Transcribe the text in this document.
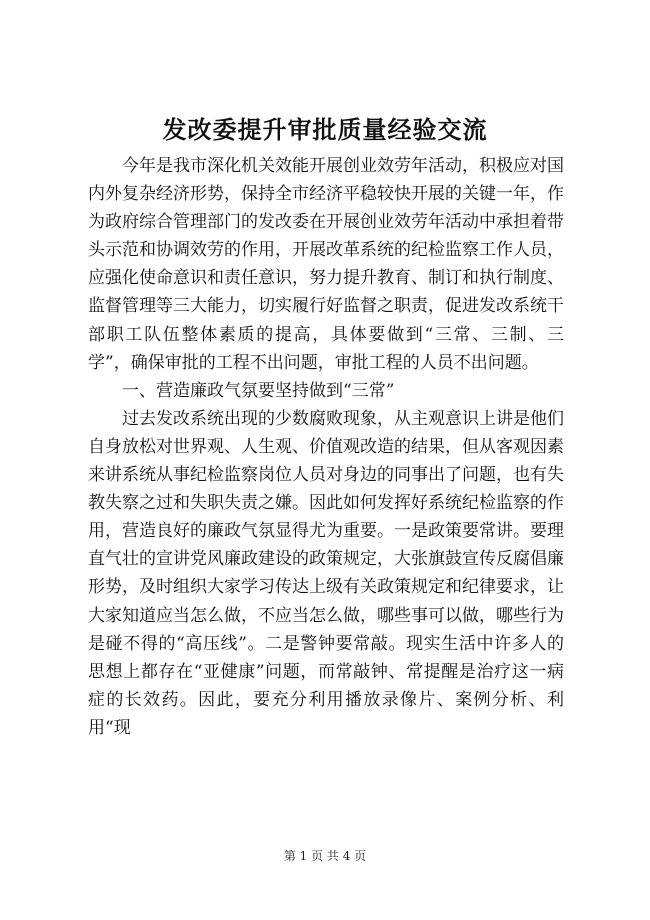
发改委提升审批质量经验交流

今年是我市深化机关效能开展创业效劳年活动，积极应对国内外复杂经济形势，保持全市经济平稳较快开展的关键一年，作为政府综合管理部门的发改委在开展创业效劳年活动中承担着带头示范和协调效劳的作用，开展改革系统的纪检监察工作人员，应强化使命意识和责任意识，努力提升教育、制订和执行制度、监督管理等三大能力，切实履行好监督之职责，促进发改系统干部职工队伍整体素质的提高，具体要做到“三常、三制、三学”，确保审批的工程不出问题，审批工程的人员不出问题。

一、营造廉政气氛要坚持做到“三常”

过去发改系统出现的少数腐败现象，从主观意识上讲是他们自身放松对世界观、人生观、价值观改造的结果，但从客观因素来讲系统从事纪检监察岗位人员对身边的同事出了问题，也有失教失察之过和失职失责之嫌。因此如何发挥好系统纪检监察的作用，营造良好的廉政气氛显得尤为重要。一是政策要常讲。要理直气壮的宣讲党风廉政建设的政策规定，大张旗鼓宣传反腐倡廉形势，及时组织大家学习传达上级有关政策规定和纪律要求，让大家知道应当怎么做，不应当怎么做，哪些事可以做，哪些行为是碰不得的“高压线”。二是警钟要常敲。现实生活中许多人的思想上都存在“亚健康”问题，而常敲钟、常提醒是治疗这一病症的长效药。因此，要充分利用播放录像片、案例分析、利用“现

第 1 页 共 4 页
